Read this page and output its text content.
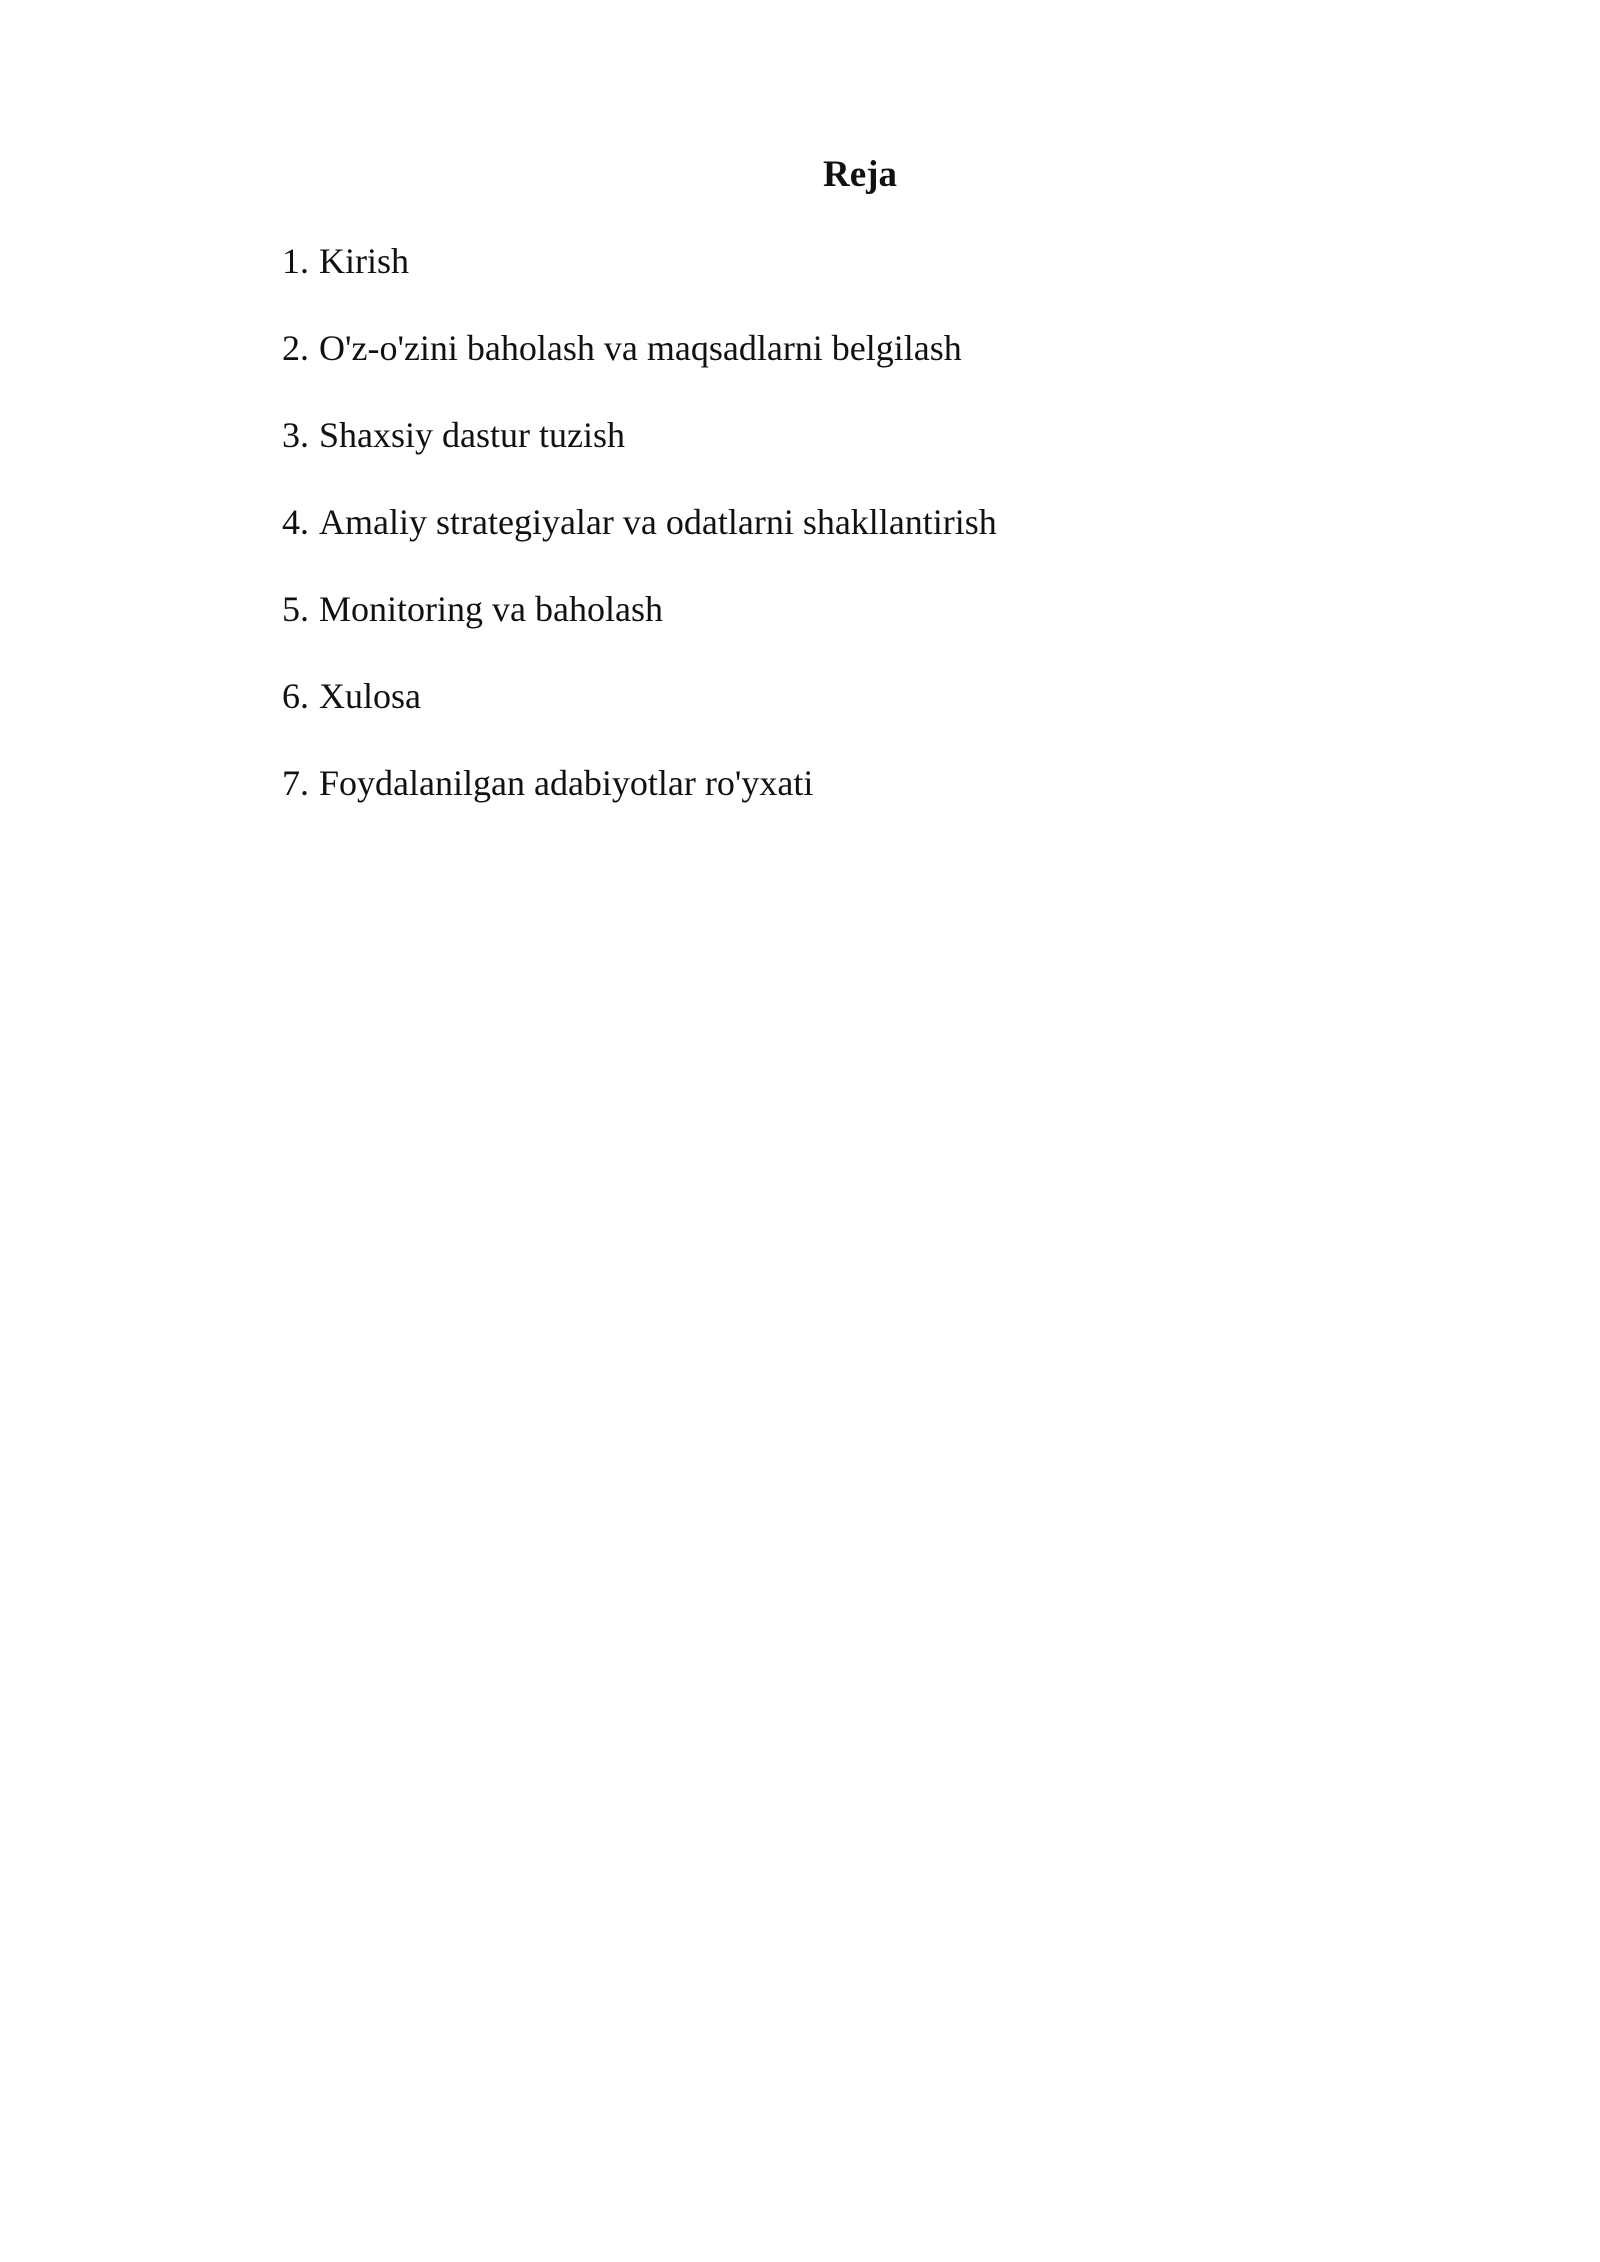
Reja
1. Kirish
2. O'z-o'zini baholash va maqsadlarni belgilash
3. Shaxsiy dastur tuzish
4. Amaliy strategiyalar va odatlarni shakllantirish
5. Monitoring va baholash
6. Xulosa
7. Foydalanilgan adabiyotlar ro'yxati
